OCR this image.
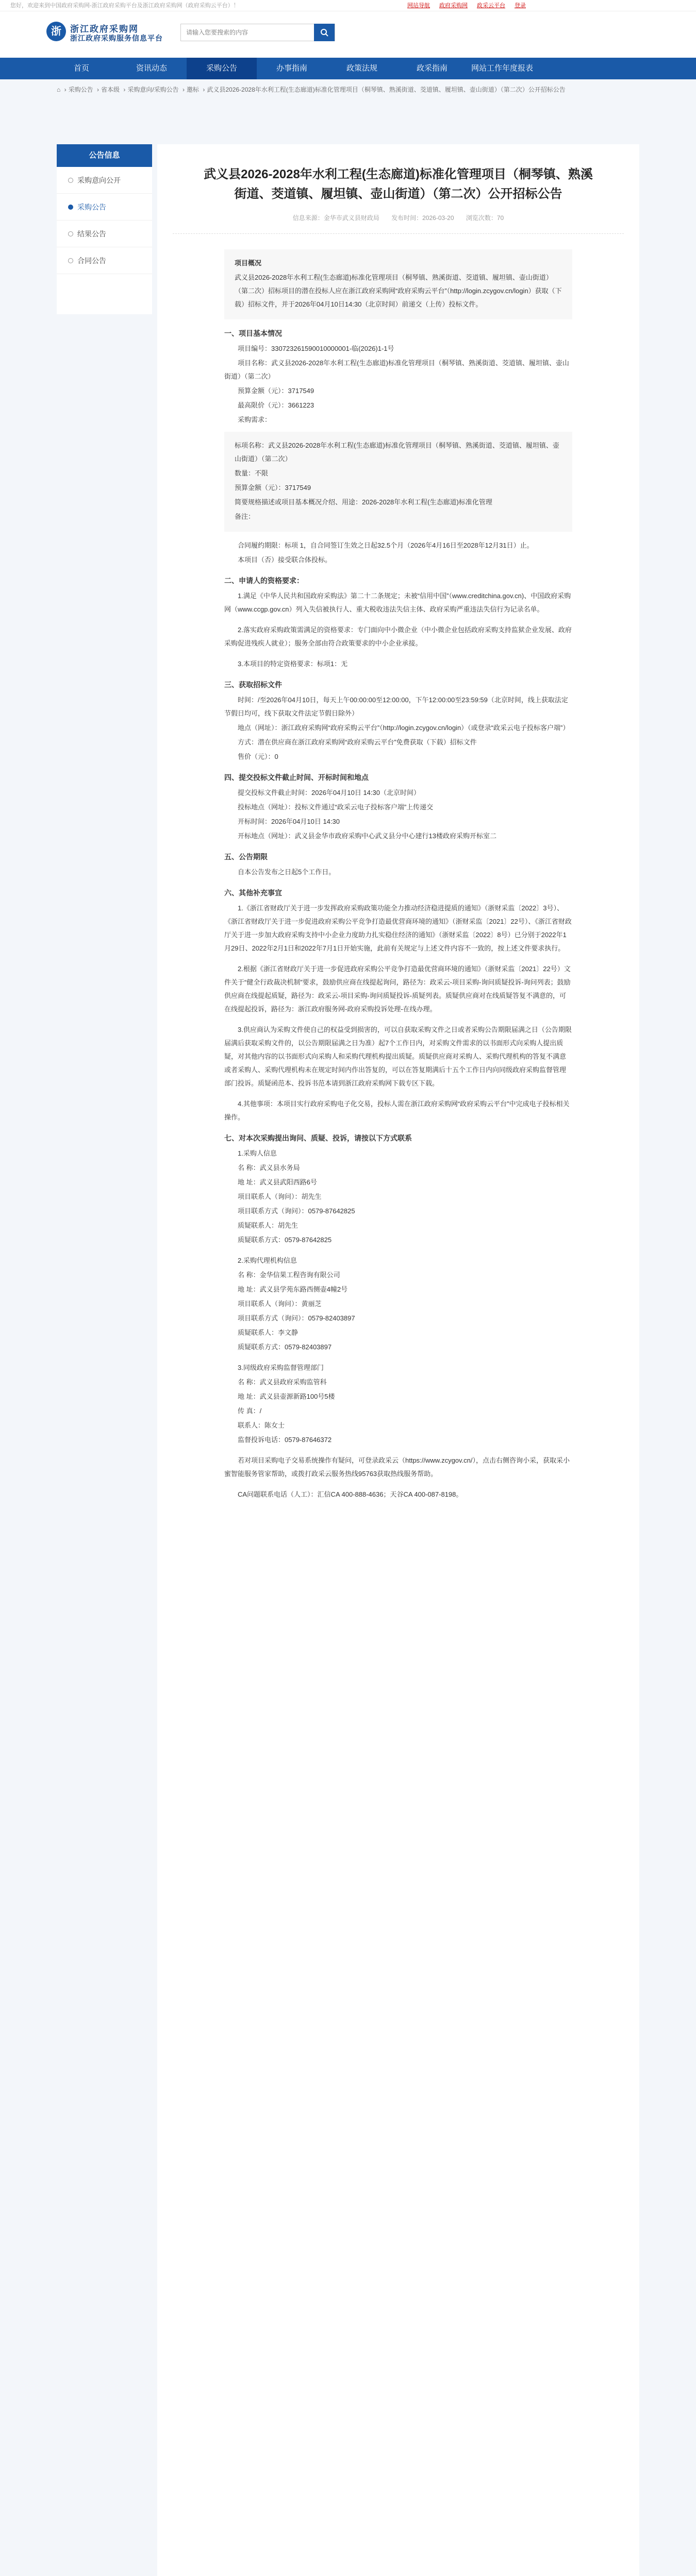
您好，欢迎来到中国政府采购网-浙江政府采购平台及浙江政府采购网（政府采购云平台）！	网站导航 政府采购网 政采云平台 登录
浙	浙江政府采购网
浙江政府采购服务信息平台
请输入您要搜索的内容
首页	资讯动态	采购公告	办事指南	政策法规	政采指南	网站工作年度报表
⌂ › 采购公告 › 省本级 › 采购意向/采购公告 › 邀标 › 武义县2026-2028年水利工程(生态廊道)标准化管理项目（桐琴镇、熟溪街道、茭道镇、履坦镇、壶山街道）（第二次）公开招标公告
公告信息
采购意向公开
采购公告
结果公告
合同公告
武义县2026-2028年水利工程(生态廊道)标准化管理项目（桐琴镇、熟溪街道、茭道镇、履坦镇、壶山街道）（第二次）公开招标公告
信息来源：金华市武义县财政局 发布时间：2026-03-20 浏览次数：70

项目概况

武义县2026-2028年水利工程(生态廊道)标准化管理项目（桐琴镇、熟溪街道、茭道镇、履坦镇、壶山街道）（第二次）招标项目的潜在投标人应在浙江政府采购网“政府采购云平台”（http://login.zcygov.cn/login）获取（下载）招标文件，并于2026年04月10日14:30（北京时间）前递交（上传）投标文件。

一、项目基本情况

项目编号：330723261590010000001-临(2026)1-1号

项目名称：武义县2026-2028年水利工程(生态廊道)标准化管理项目（桐琴镇、熟溪街道、茭道镇、履坦镇、壶山街道）（第二次）

预算金额（元）：3717549

最高限价（元）：3661223

采购需求：

标项名称：武义县2026-2028年水利工程(生态廊道)标准化管理项目（桐琴镇、熟溪街道、茭道镇、履坦镇、壶山街道）（第二次）

数量：不限

预算金额（元）：3717549

简要规格描述或项目基本概况介绍、用途：2026-2028年水利工程(生态廊道)标准化管理

备注：

合同履约期限：标项 1，自合同签订生效之日起32.5个月（2026年4月16日至2028年12月31日）止。

本项目（否）接受联合体投标。

二、申请人的资格要求：

1.满足《中华人民共和国政府采购法》第二十二条规定；未被“信用中国”（www.creditchina.gov.cn)、中国政府采购网（www.ccgp.gov.cn）列入失信被执行人、重大税收违法失信主体、政府采购严重违法失信行为记录名单。

2.落实政府采购政策需满足的资格要求：专门面向中小微企业（中小微企业包括政府采购支持监狱企业发展、政府采购促进残疾人就业）；服务全部由符合政策要求的中小企业承接。

3.本项目的特定资格要求：标项1：无

三、获取招标文件

时间：/至2026年04月10日，每天上午00:00:00至12:00:00，下午12:00:00至23:59:59（北京时间，线上获取法定节假日均可，线下获取文件法定节假日除外）

地点（网址）：浙江政府采购网“政府采购云平台”（http://login.zcygov.cn/login）（或登录“政采云电子投标客户端”）

方式：潜在供应商在浙江政府采购网“政府采购云平台”免费获取（下载）招标文件

售价（元）：0

四、提交投标文件截止时间、开标时间和地点

提交投标文件截止时间：2026年04月10日 14:30（北京时间）

投标地点（网址）：投标文件通过“政采云电子投标客户端”上传递交

开标时间：2026年04月10日 14:30

开标地点（网址）：武义县金华市政府采购中心武义县分中心建行13楼政府采购开标室二

五、公告期限

自本公告发布之日起5个工作日。

六、其他补充事宜

1.《浙江省财政厅关于进一步发挥政府采购政策功能全力推动经济稳进提质的通知》（浙财采监〔2022〕3号）、《浙江省财政厅关于进一步促进政府采购公平竞争打造最优营商环境的通知》（浙财采监〔2021〕22号）、《浙江省财政厅关于进一步加大政府采购支持中小企业力度助力扎实稳住经济的通知》（浙财采监〔2022〕8号）已分别于2022年1月29日、2022年2月1日和2022年7月1日开始实施，此前有关规定与上述文件内容不一致的，按上述文件要求执行。

2.根据《浙江省财政厅关于进一步促进政府采购公平竞争打造最优营商环境的通知》（浙财采监〔2021〕22号）文件关于“健全行政裁决机制”要求，鼓励供应商在线提起询问，路径为：政采云-项目采购-询问质疑投诉-询问列表；鼓励供应商在线提起质疑，路径为：政采云-项目采购-询问质疑投诉-质疑列表。质疑供应商对在线质疑答复不满意的，可在线提起投诉，路径为：浙江政府服务网-政府采购投诉处理-在线办理。

3.供应商认为采购文件使自己的权益受到损害的，可以自获取采购文件之日或者采购公告期限届满之日（公告期限届满后获取采购文件的，以公告期限届满之日为准）起7个工作日内，对采购文件需求的以书面形式向采购人提出质疑，对其他内容的以书面形式向采购人和采购代理机构提出质疑。质疑供应商对采购人、采购代理机构的答复不满意或者采购人、采购代理机构未在规定时间内作出答复的，可以在答复期满后十五个工作日内向同级政府采购监督管理部门投诉。质疑函范本、投诉书范本请到浙江政府采购网下载专区下载。

4.其他事项：本项目实行政府采购电子化交易，投标人需在浙江政府采购网“政府采购云平台”中完成电子投标相关操作。

七、对本次采购提出询问、质疑、投诉，请按以下方式联系

1.采购人信息

名 称：武义县水务局

地 址：武义县武阳西路6号

项目联系人（询问）：胡先生

项目联系方式（询问）：0579-87642825

质疑联系人：胡先生

质疑联系方式：0579-87642825

2.采购代理机构信息

名 称：金华信果工程咨询有限公司

地 址：武义县学苑东路西侧壶4幢2号

项目联系人（询问）：黄丽芝

项目联系方式（询问）：0579-82403897

质疑联系人：李文静

质疑联系方式：0579-82403897

3.同级政府采购监督管理部门

名 称：武义县政府采购监管科

地 址：武义县壶源新路100号5楼

传 真：/

联系人：陈女士

监督投诉电话：0579-87646372

若对项目采购电子交易系统操作有疑问，可登录政采云（https://www.zcygov.cn/），点击右侧咨询小采，获取采小蜜智能服务管家帮助，或拨打政采云服务热线95763获取热线服务帮助。

CA问题联系电话（人工）：汇信CA 400-888-4636；天谷CA 400-087-8198。
